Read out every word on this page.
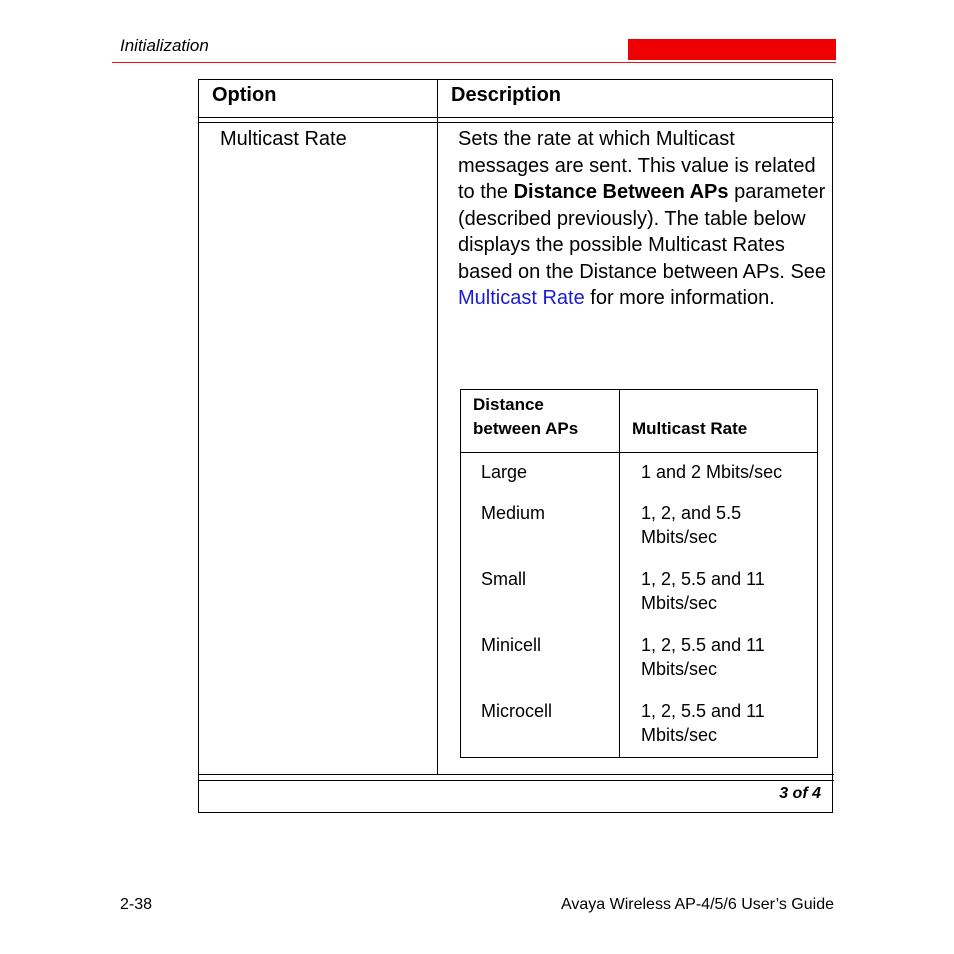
Initialization
Option	Description
Multicast Rate	Sets the rate at which Multicast messages are sent. This value is related to the Distance Between APs parameter (described previously). The table below displays the possible Multicast Rates based on the Distance between APs. See Multicast Rate for more information.
Distance
between APs	Multicast Rate
Large	1 and 2 Mbits/sec
Medium	1, 2, and 5.5
Mbits/sec
Small	1, 2, 5.5 and 11
Mbits/sec
Minicell	1, 2, 5.5 and 11
Mbits/sec
Microcell	1, 2, 5.5 and 11
Mbits/sec
3 of 4
2-38	Avaya Wireless AP-4/5/6 User’s Guide
